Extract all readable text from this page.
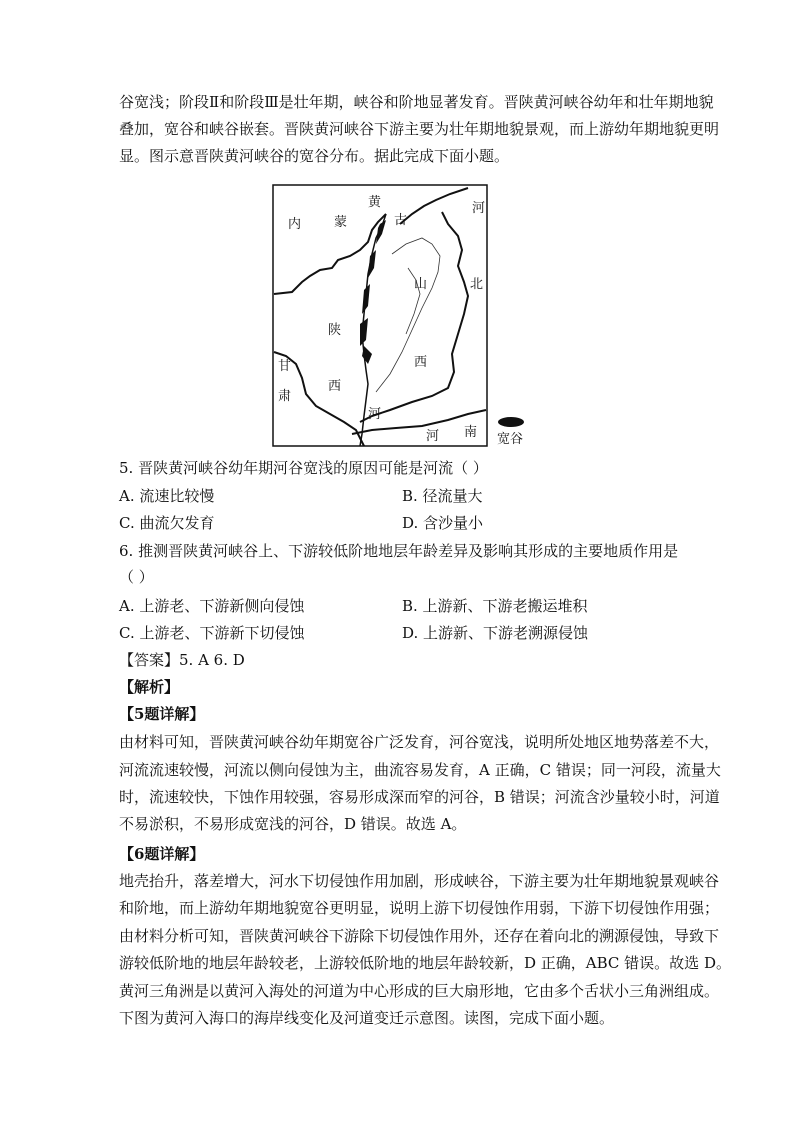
谷宽浅；阶段Ⅱ和阶段Ⅲ是壮年期，峡谷和阶地显著发育。晋陕黄河峡谷幼年和壮年期地貌
叠加，宽谷和峡谷嵌套。晋陕黄河峡谷下游主要为壮年期地貌景观，而上游幼年期地貌更明
显。图示意晋陕黄河峡谷的宽谷分布。据此完成下面小题。
内	蒙
黄
古
河
北
山
陕
西
西
甘
肃
河
河 南 宽谷
5. 晋陕黄河峡谷幼年期河谷宽浅的原因可能是河流（ ）
A. 流速比较慢	B. 径流量大
C. 曲流欠发育	D. 含沙量小
6. 推测晋陕黄河峡谷上、下游较低阶地地层年龄差异及影响其形成的主要地质作用是
（ ）
A. 上游老、下游新侧向侵蚀	B. 上游新、下游老搬运堆积
C. 上游老、下游新下切侵蚀	D. 上游新、下游老溯源侵蚀
【答案】5. A 6. D
【解析】
【5题详解】
由材料可知，晋陕黄河峡谷幼年期宽谷广泛发育，河谷宽浅，说明所处地区地势落差不大，
河流流速较慢，河流以侧向侵蚀为主，曲流容易发育，A 正确，C 错误；同一河段，流量大
时，流速较快，下蚀作用较强，容易形成深而窄的河谷，B 错误；河流含沙量较小时，河道
不易淤积，不易形成宽浅的河谷，D 错误。故选 A。
【6题详解】
地壳抬升，落差增大，河水下切侵蚀作用加剧，形成峡谷，下游主要为壮年期地貌景观峡谷
和阶地，而上游幼年期地貌宽谷更明显，说明上游下切侵蚀作用弱，下游下切侵蚀作用强；
由材料分析可知，晋陕黄河峡谷下游除下切侵蚀作用外，还存在着向北的溯源侵蚀，导致下
游较低阶地的地层年龄较老，上游较低阶地的地层年龄较新，D 正确，ABC 错误。故选 D。
黄河三角洲是以黄河入海处的河道为中心形成的巨大扇形地，它由多个舌状小三角洲组成。
下图为黄河入海口的海岸线变化及河道变迁示意图。读图，完成下面小题。
